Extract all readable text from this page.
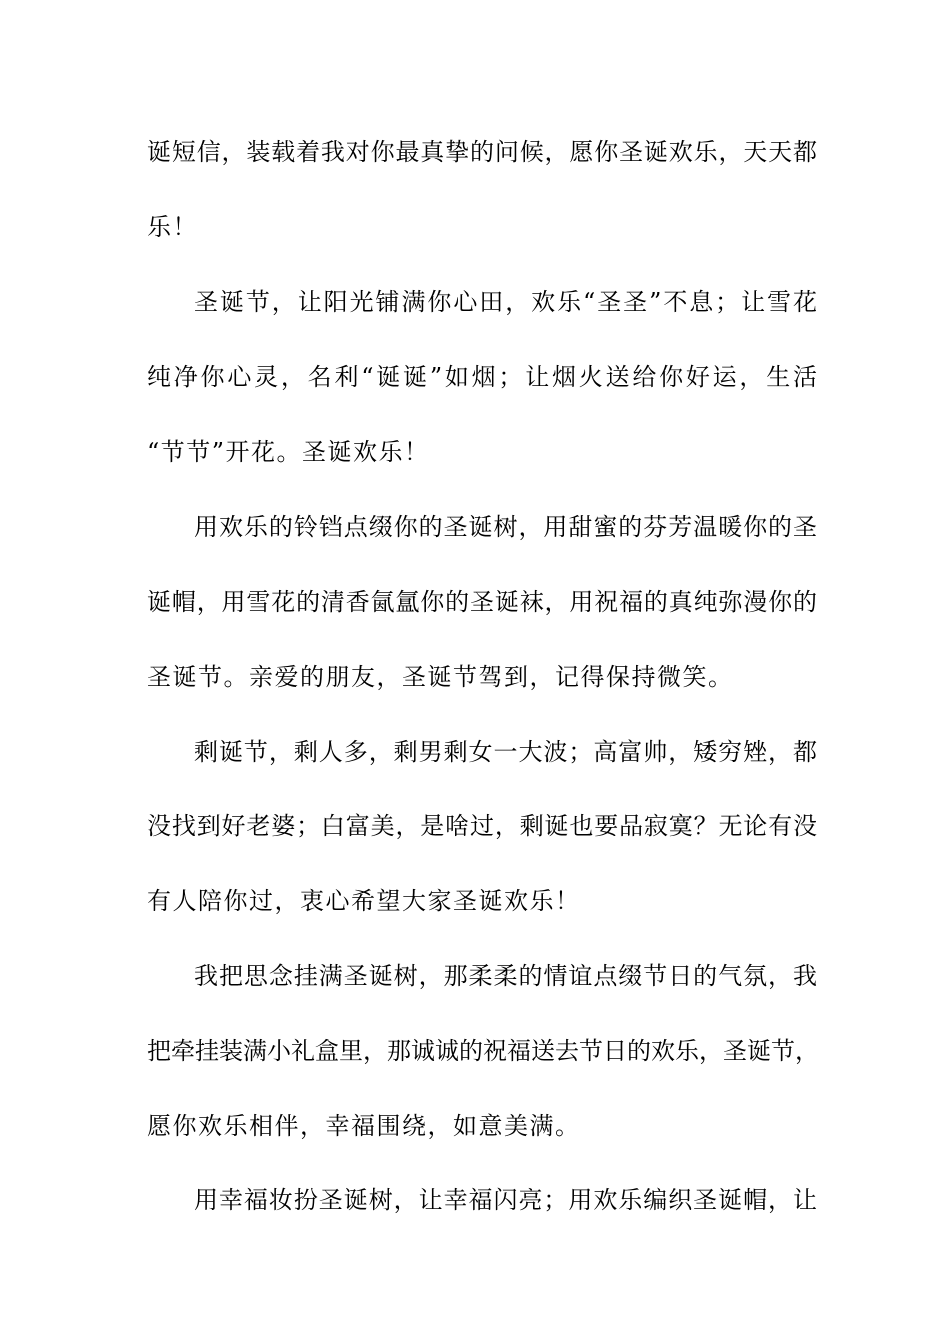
诞短信，装载着我对你最真挚的问候，愿你圣诞欢乐，天天都
乐！
圣诞节，让阳光铺满你心田，欢乐“圣圣”不息；让雪花
纯净你心灵，名利“诞诞”如烟；让烟火送给你好运，生活
“节节”开花。圣诞欢乐！
用欢乐的铃铛点缀你的圣诞树，用甜蜜的芬芳温暖你的圣
诞帽，用雪花的清香氤氲你的圣诞袜，用祝福的真纯弥漫你的
圣诞节。亲爱的朋友，圣诞节驾到，记得保持微笑。
剩诞节，剩人多，剩男剩女一大波；高富帅，矮穷矬，都
没找到好老婆；白富美，是啥过，剩诞也要品寂寞？无论有没
有人陪你过，衷心希望大家圣诞欢乐！
我把思念挂满圣诞树，那柔柔的情谊点缀节日的气氛，我
把牵挂装满小礼盒里，那诚诚的祝福送去节日的欢乐，圣诞节，
愿你欢乐相伴，幸福围绕，如意美满。
用幸福妆扮圣诞树，让幸福闪亮；用欢乐编织圣诞帽，让
